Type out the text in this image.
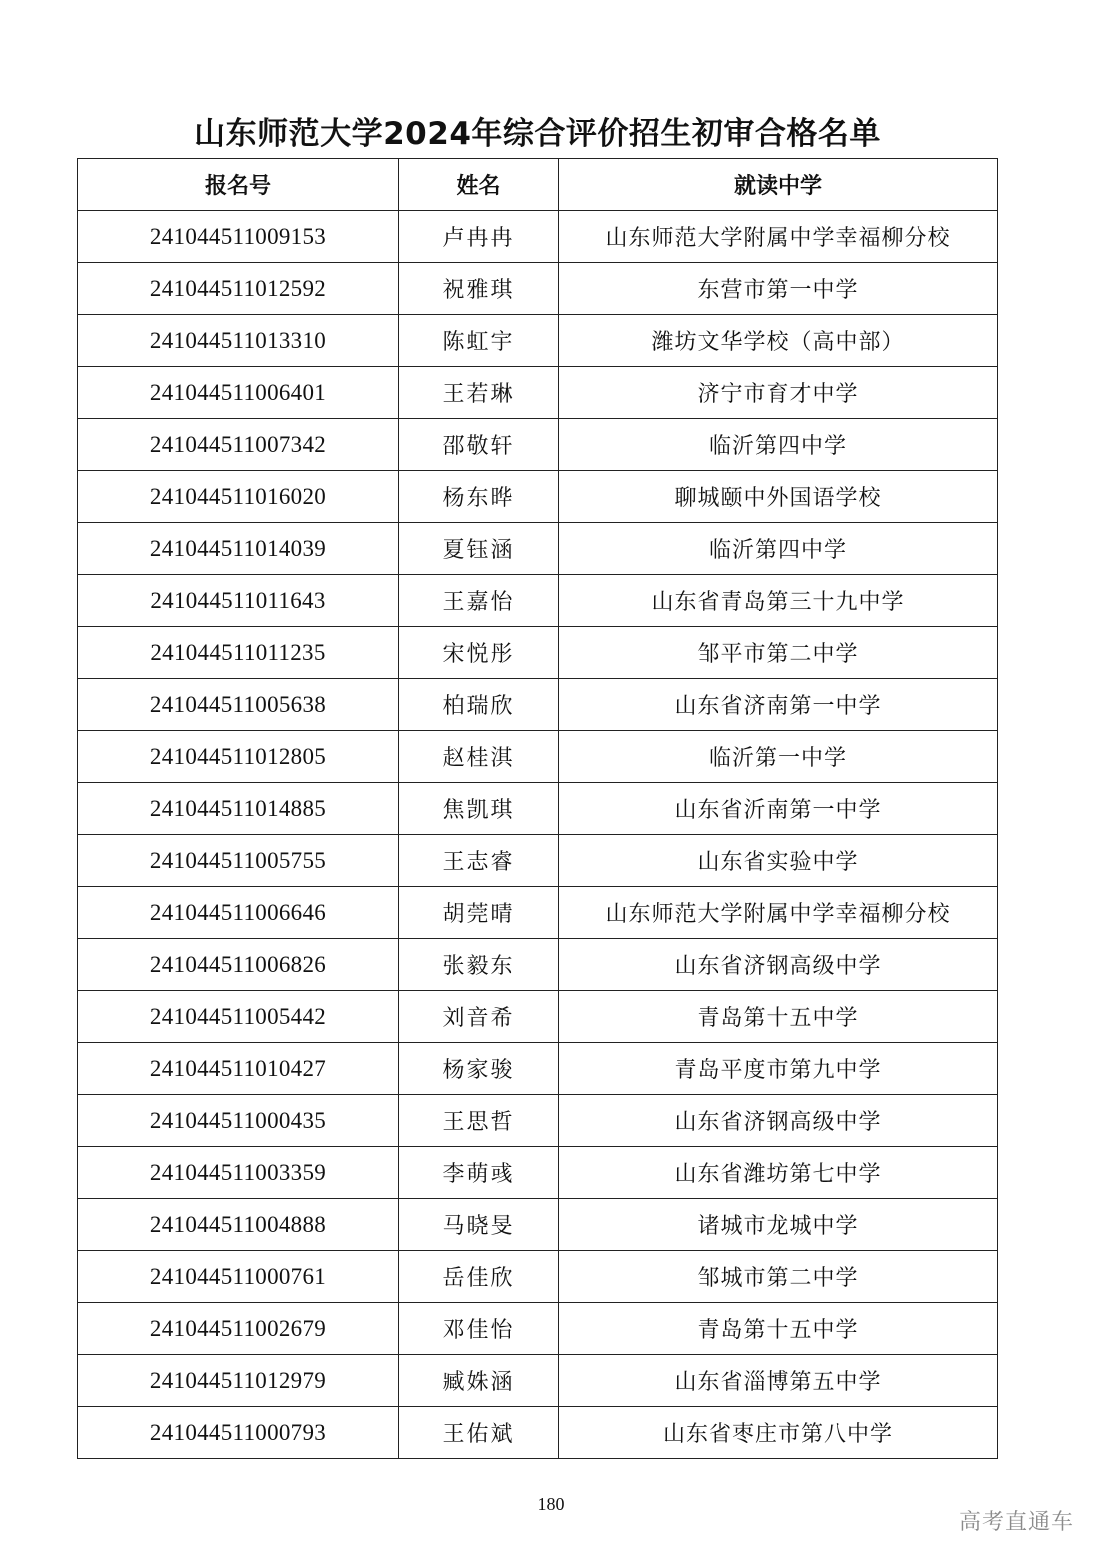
山东师范大学2024年综合评价招生初审合格名单
报名号	姓名	就读中学
241044511009153	卢冉冉	山东师范大学附属中学幸福柳分校
241044511012592	祝雅琪	东营市第一中学
241044511013310	陈虹宇	潍坊文华学校（高中部）
241044511006401	王若琳	济宁市育才中学
241044511007342	邵敬轩	临沂第四中学
241044511016020	杨东晔	聊城颐中外国语学校
241044511014039	夏钰涵	临沂第四中学
241044511011643	王嘉怡	山东省青岛第三十九中学
241044511011235	宋悦彤	邹平市第二中学
241044511005638	柏瑞欣	山东省济南第一中学
241044511012805	赵桂淇	临沂第一中学
241044511014885	焦凯琪	山东省沂南第一中学
241044511005755	王志睿	山东省实验中学
241044511006646	胡莞晴	山东师范大学附属中学幸福柳分校
241044511006826	张毅东	山东省济钢高级中学
241044511005442	刘音希	青岛第十五中学
241044511010427	杨家骏	青岛平度市第九中学
241044511000435	王思哲	山东省济钢高级中学
241044511003359	李萌彧	山东省潍坊第七中学
241044511004888	马晓旻	诸城市龙城中学
241044511000761	岳佳欣	邹城市第二中学
241044511002679	邓佳怡	青岛第十五中学
241044511012979	臧姝涵	山东省淄博第五中学
241044511000793	王佑斌	山东省枣庄市第八中学
180
高考直通车
